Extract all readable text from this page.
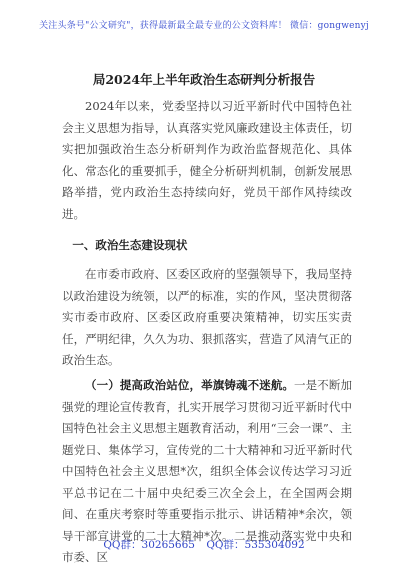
关注头条号"公文研究"，获得最新最全最专业的公文资料库！ 微信：gongwenyj
局2024年上半年政治生态研判分析报告

2024年以来，党委坚持以习近平新时代中国特色社会主义思想为指导，认真落实党风廉政建设主体责任，切实把加强政治生态分析研判作为政治监督规范化、具体化、常态化的重要抓手，健全分析研判机制，创新发展思路举措，党内政治生态持续向好，党员干部作风持续改进。

一、政治生态建设现状

在市委市政府、区委区政府的坚强领导下，我局坚持以政治建设为统领，以严的标准，实的作风，坚决贯彻落实市委市政府、区委区政府重要决策精神，切实压实责任，严明纪律，久久为功、狠抓落实，营造了风清气正的政治生态。

（一）提高政治站位，举旗铸魂不迷航。一是不断加强党的理论宣传教育，扎实开展学习贯彻习近平新时代中国特色社会主义思想主题教育活动，利用“三会一课”、主题党日、集体学习，宣传党的二十大精神和习近平新时代中国特色社会主义思想*次，组织全体会议传达学习习近平总书记在二十届中央纪委三次全会上，在全国两会期间、在重庆考察时等重要指示批示、讲话精神*余次，领导干部宣讲党的二十大精神*次。二是推动落实党中央和市委、区

QQ群：30265665 QQ群：535304092
